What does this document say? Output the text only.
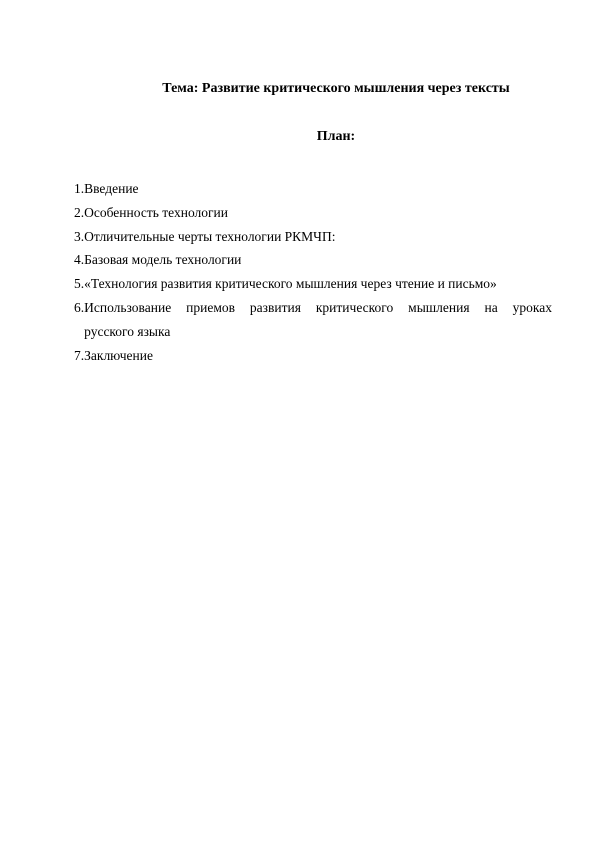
Тема: Развитие критического мышления через тексты

План:

1. Введение
2. Особенность технологии
3. Отличительные черты технологии РКМЧП:
4. Базовая модель технологии
5. «Технология развития критического мышления через чтение и письмо»
6. Использование приемов развития критического мышления на уроках
русского языка
7. Заключение
